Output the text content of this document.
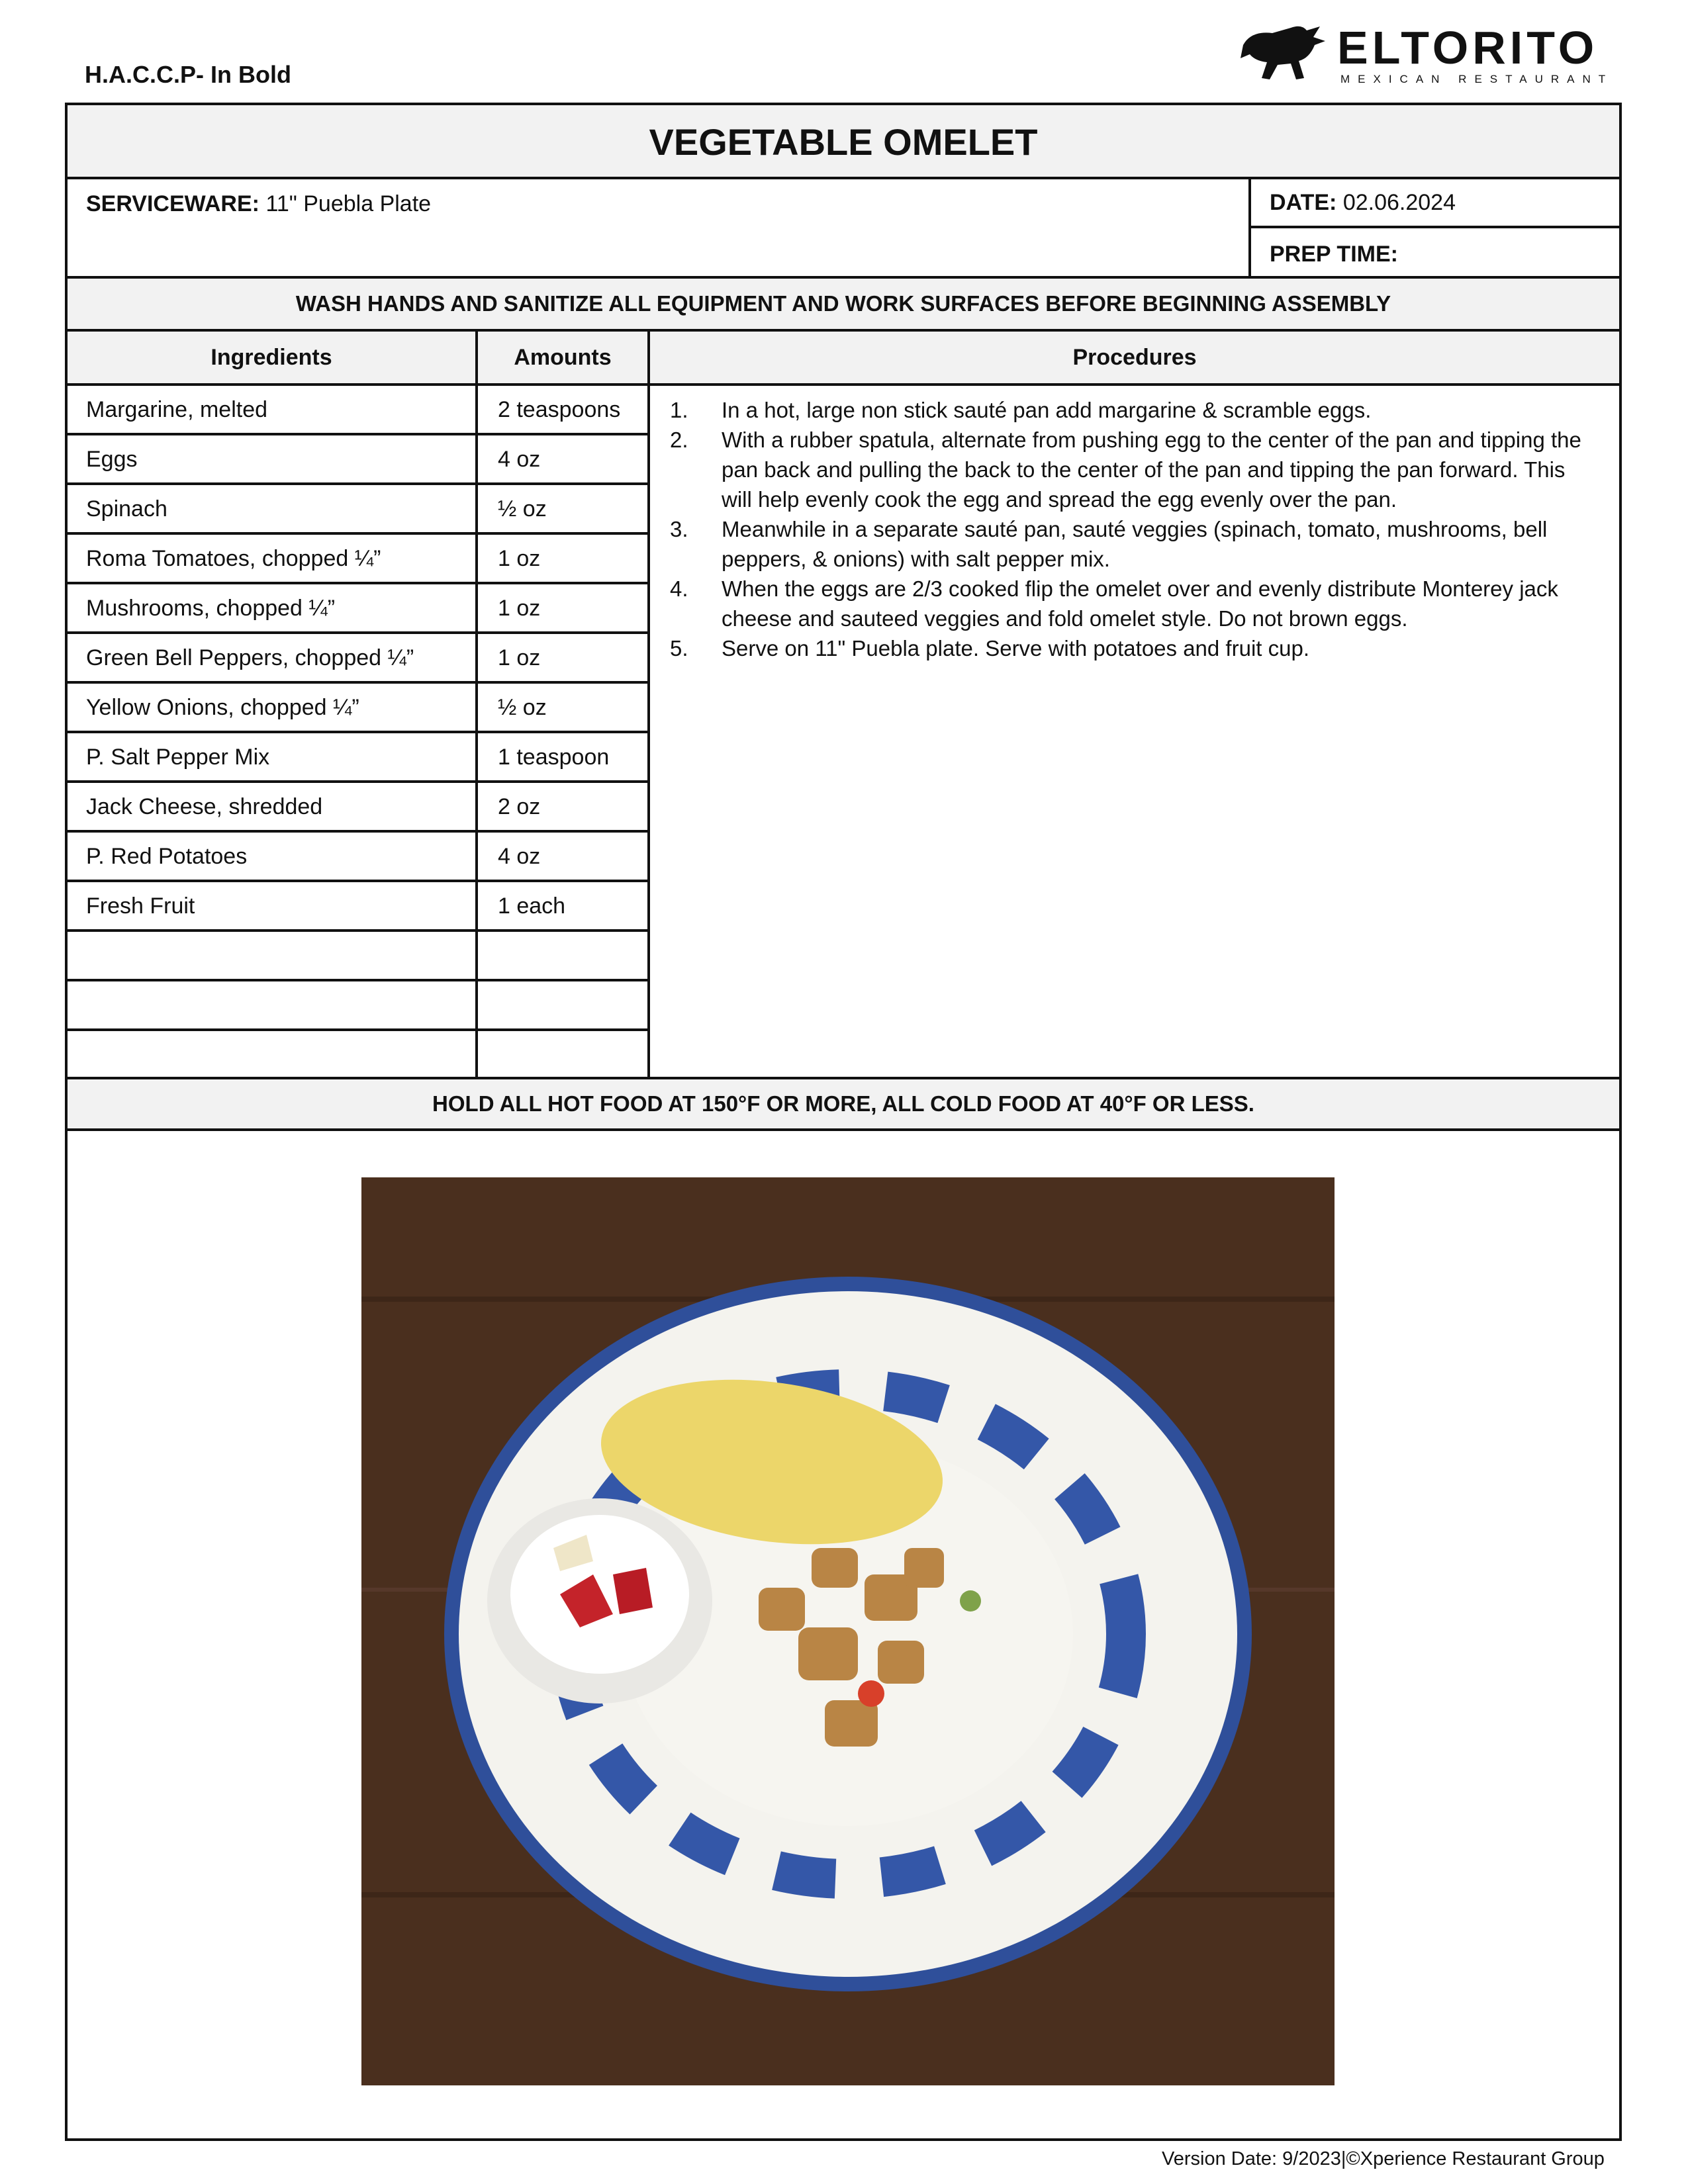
H.A.C.C.P- In Bold
ELTORITO
MEXICAN RESTAURANT
VEGETABLE OMELET
SERVICEWARE: 11" Puebla Plate	DATE: 02.06.2024
PREP TIME:
WASH HANDS AND SANITIZE ALL EQUIPMENT AND WORK SURFACES BEFORE BEGINNING ASSEMBLY
Ingredients	Amounts	Procedures
Margarine, melted	2 teaspoons
Eggs	4 oz
Spinach	½ oz
Roma Tomatoes, chopped ¼”	1 oz
Mushrooms, chopped ¼”	1 oz
Green Bell Peppers, chopped ¼”	1 oz
Yellow Onions, chopped ¼”	½ oz
P. Salt Pepper Mix	1 teaspoon
Jack Cheese, shredded	2 oz
P. Red Potatoes	4 oz
Fresh Fruit	1 each
1. In a hot, large non stick sauté pan add margarine & scramble eggs.
2. With a rubber spatula, alternate from pushing egg to the center of the pan and tipping the pan back and pulling the back to the center of the pan and tipping the pan forward. This will help evenly cook the egg and spread the egg evenly over the pan.
3. Meanwhile in a separate sauté pan, sauté veggies (spinach, tomato, mushrooms, bell peppers, & onions) with salt pepper mix.
4. When the eggs are 2/3 cooked flip the omelet over and evenly distribute Monterey jack cheese and sauteed veggies and fold omelet style. Do not brown eggs.
5. Serve on 11" Puebla plate. Serve with potatoes and fruit cup.
HOLD ALL HOT FOOD AT 150°F OR MORE, ALL COLD FOOD AT 40°F OR LESS.
Version Date: 9/2023|©Xperience Restaurant Group
